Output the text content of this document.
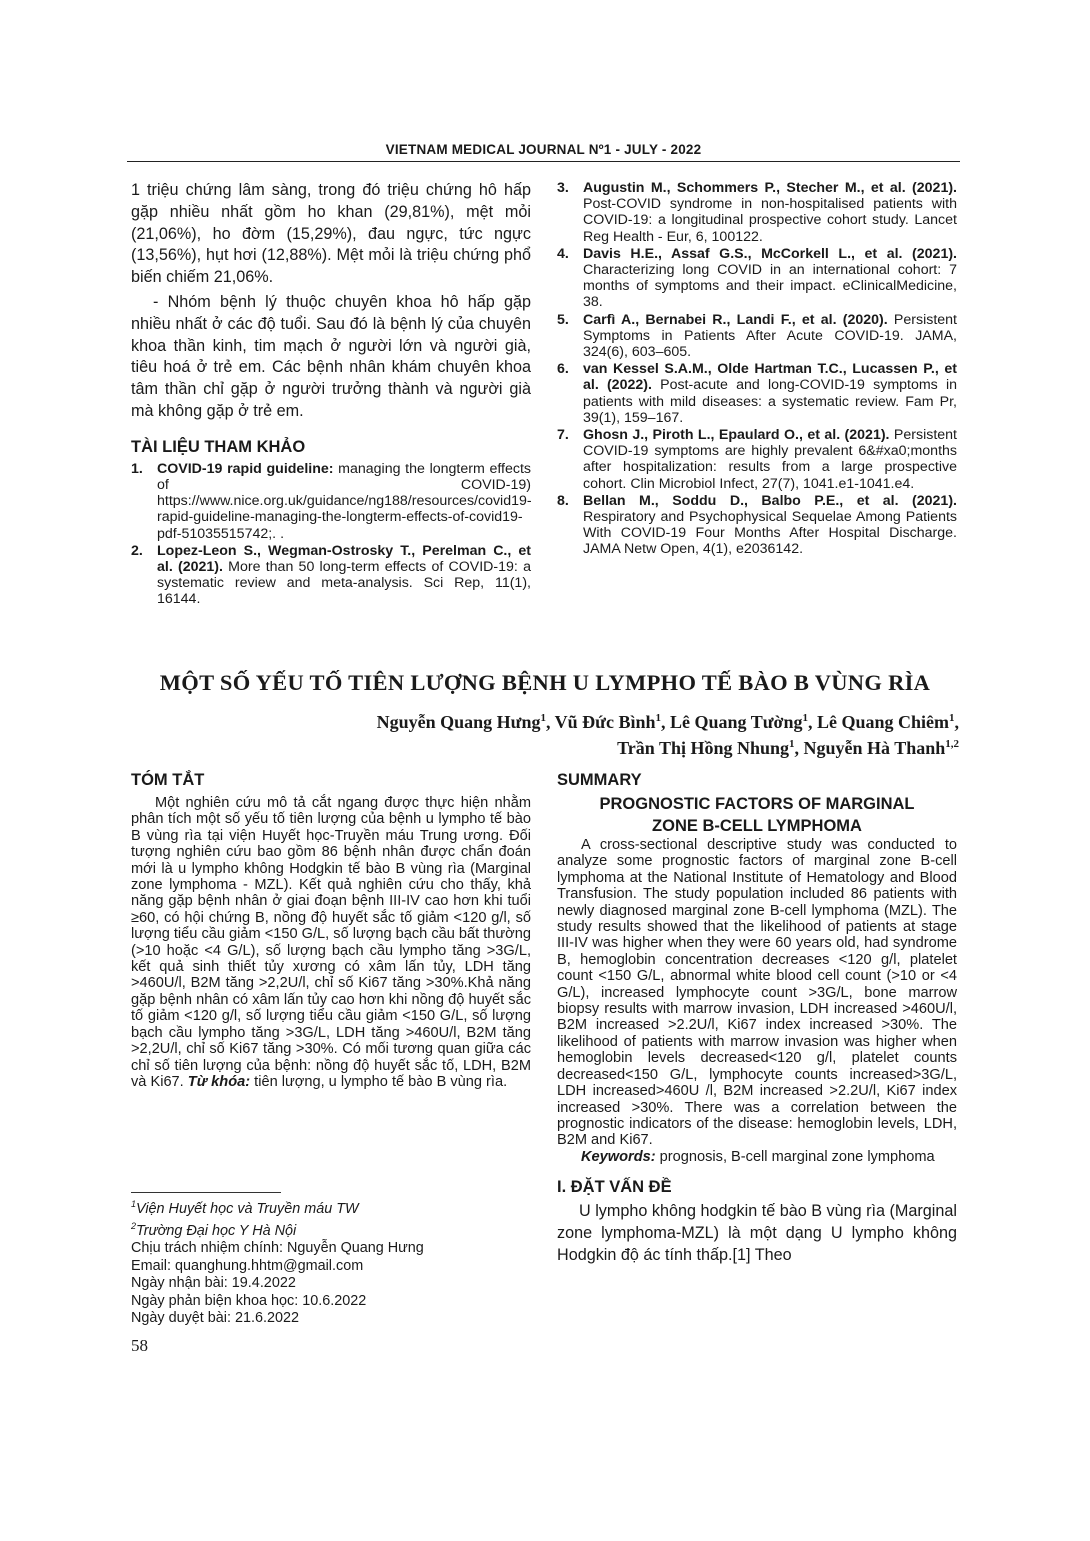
VIETNAM MEDICAL JOURNAL Nº1 - JULY - 2022

1 triệu chứng lâm sàng, trong đó triệu chứng hô hấp gặp nhiều nhất gồm ho khan (29,81%), mệt mỏi (21,06%), ho đờm (15,29%), đau ngực, tức ngực (13,56%), hụt hơi (12,88%). Mệt mỏi là triệu chứng phổ biến chiếm 21,06%.

- Nhóm bệnh lý thuộc chuyên khoa hô hấp gặp nhiều nhất ở các độ tuổi. Sau đó là bệnh lý của chuyên khoa thần kinh, tim mạch ở người lớn và người già, tiêu hoá ở trẻ em. Các bệnh nhân khám chuyên khoa tâm thần chỉ gặp ở người trưởng thành và người già mà không gặp ở trẻ em.

TÀI LIỆU THAM KHẢO
1. COVID-19 rapid guideline: managing the longterm effects of COVID-19) https://www.nice.org.uk/guidance/ng188/resources/covid19-rapid-guideline-managing-the-longterm-effects-of-covid19-pdf-51035515742;. .
2. Lopez-Leon S., Wegman-Ostrosky T., Perelman C., et al. (2021). More than 50 long-term effects of COVID-19: a systematic review and meta-analysis. Sci Rep, 11(1), 16144.
3. Augustin M., Schommers P., Stecher M., et al. (2021). Post-COVID syndrome in non-hospitalised patients with COVID-19: a longitudinal prospective cohort study. Lancet Reg Health - Eur, 6, 100122.
4. Davis H.E., Assaf G.S., McCorkell L., et al. (2021). Characterizing long COVID in an international cohort: 7 months of symptoms and their impact. eClinicalMedicine, 38.
5. Carfì A., Bernabei R., Landi F., et al. (2020). Persistent Symptoms in Patients After Acute COVID-19. JAMA, 324(6), 603–605.
6. van Kessel S.A.M., Olde Hartman T.C., Lucassen P., et al. (2022). Post-acute and long-COVID-19 symptoms in patients with mild diseases: a systematic review. Fam Pr, 39(1), 159–167.
7. Ghosn J., Piroth L., Epaulard O., et al. (2021). Persistent COVID-19 symptoms are highly prevalent 6&#xa0;months after hospitalization: results from a large prospective cohort. Clin Microbiol Infect, 27(7), 1041.e1-1041.e4.
8. Bellan M., Soddu D., Balbo P.E., et al. (2021). Respiratory and Psychophysical Sequelae Among Patients With COVID-19 Four Months After Hospital Discharge. JAMA Netw Open, 4(1), e2036142.
MỘT SỐ YẾU TỐ TIÊN LƯỢNG BỆNH U LYMPHO TẾ BÀO B VÙNG RÌA
Nguyễn Quang Hưng$^1$, Vũ Đức Bình$^1$, Lê Quang Tường$^1$, Lê Quang Chiêm$^1$,
Trần Thị Hồng Nhung$^1$, Nguyễn Hà Thanh$^{1,2}$
TÓM TẮT

Một nghiên cứu mô tả cắt ngang được thực hiện nhằm phân tích một số yếu tố tiên lượng của bệnh u lympho tế bào B vùng rìa tại viện Huyết học-Truyền máu Trung ương. Đối tượng nghiên cứu bao gồm 86 bệnh nhân được chẩn đoán mới là u lympho không Hodgkin tế bào B vùng rìa (Marginal zone lymphoma - MZL). Kết quả nghiên cứu cho thấy, khả năng gặp bệnh nhân ở giai đoạn bệnh III-IV cao hơn khi tuổi ≥60, có hội chứng B, nồng độ huyết sắc tố giảm <120 g/l, số lượng tiểu cầu giảm <150 G/L, số lượng bạch cầu bất thường (>10 hoặc <4 G/L), số lượng bạch cầu lympho tăng >3G/L, kết quả sinh thiết tủy xương có xâm lấn tủy, LDH tăng >460U/l, B2M tăng >2,2U/l, chỉ số Ki67 tăng >30%.Khả năng gặp bệnh nhân có xâm lấn tủy cao hơn khi nồng độ huyết sắc tố giảm <120 g/l, số lượng tiểu cầu giảm <150 G/L, số lượng bạch cầu lympho tăng >3G/L, LDH tăng >460U/l, B2M tăng >2,2U/l, chỉ số Ki67 tăng >30%. Có mối tương quan giữa các chỉ số tiên lượng của bệnh: nồng độ huyết sắc tố, LDH, B2M và Ki67. Từ khóa: tiên lượng, u lympho tế bào B vùng rìa.

$^1$Viện Huyết học và Truyền máu TW
$^2$Trường Đại học Y Hà Nội
Chịu trách nhiệm chính: Nguyễn Quang Hưng
Email: quanghung.hhtm@gmail.com
Ngày nhận bài: 19.4.2022
Ngày phản biện khoa học: 10.6.2022
Ngày duyệt bài: 21.6.2022
58
SUMMARY
PROGNOSTIC FACTORS OF MARGINAL
ZONE B-CELL LYMPHOMA

A cross-sectional descriptive study was conducted to analyze some prognostic factors of marginal zone B-cell lymphoma at the National Institute of Hematology and Blood Transfusion. The study population included 86 patients with newly diagnosed marginal zone B-cell lymphoma (MZL). The study results showed that the likelihood of patients at stage III-IV was higher when they were 60 years old, had syndrome B, hemoglobin concentration decreases <120 g/l, platelet count <150 G/L, abnormal white blood cell count (>10 or <4 G/L), increased lymphocyte count >3G/L, bone marrow biopsy results with marrow invasion, LDH increased >460U/l, B2M increased >2.2U/l, Ki67 index increased >30%. The likelihood of patients with marrow invasion was higher when hemoglobin levels decreased<120 g/l, platelet counts decreased<150 G/L, lymphocyte counts increased>3G/L, LDH increased>460U /l, B2M increased >2.2U/l, Ki67 index increased >30%. There was a correlation between the prognostic indicators of the disease: hemoglobin levels, LDH, B2M and Ki67.

Keywords: prognosis, B-cell marginal zone lymphoma

I. ĐẶT VẤN ĐỀ

U lympho không hodgkin tế bào B vùng rìa (Marginal zone lymphoma-MZL) là một dạng U lympho không Hodgkin độ ác tính thấp.[1] Theo
